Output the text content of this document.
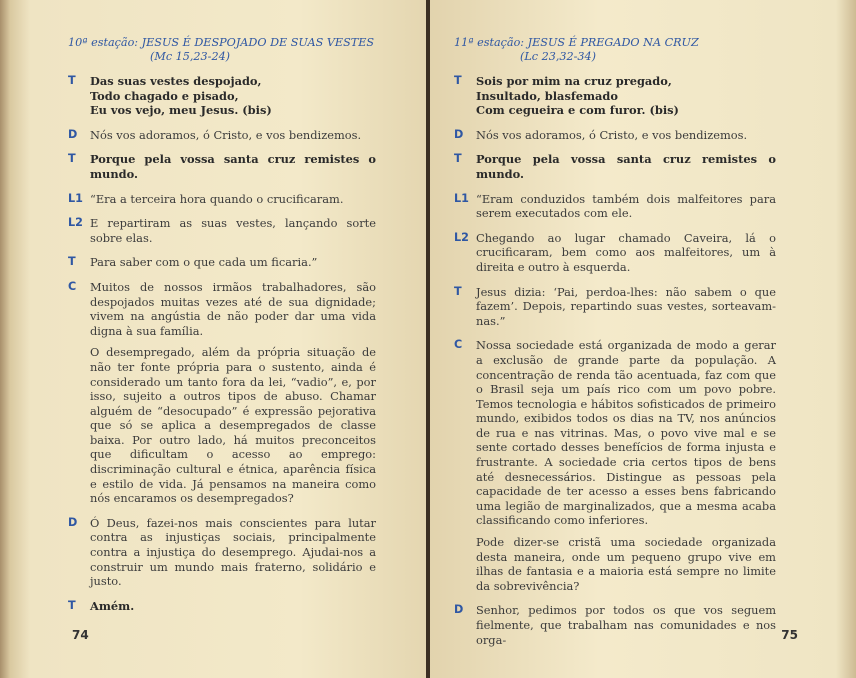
10ª estação: JESUS É DESPOJADO DE SUAS VESTES
(Mc 15,23-24)
T	Das suas vestes despojado,
Todo chagado e pisado,
Eu vos vejo, meu Jesus. (bis)

D	Nós vos adoramos, ó Cristo, e vos bendizemos.

T	Porque pela vossa santa cruz remistes o mundo.

L1 “Era a terceira hora quando o crucificaram.

L2 E repartiram as suas vestes, lançando sorte sobre elas.

T	Para saber com o que cada um ficaria.”

C	Muitos de nossos irmãos trabalhadores, são despojados muitas vezes até de sua dignidade; vivem na angústia de não poder dar uma vida digna à sua família.

O desempregado, além da própria situação de não ter fonte própria para o sustento, ainda é considerado um tanto fora da lei, “vadio”, e, por isso, sujeito a outros tipos de abuso. Chamar alguém de “desocupado” é expressão pejorativa que só se aplica a desempregados de classe baixa. Por outro lado, há muitos preconceitos que dificultam o acesso ao emprego: discriminação cultural e étnica, aparência física e estilo de vida. Já pensamos na maneira como nós encaramos os desempregados?

D	Ó Deus, fazei-nos mais conscientes para lutar contra as injustiças sociais, principalmente contra a injustiça do desemprego. Ajudai-nos a construir um mundo mais fraterno, solidário e justo.

T	Amém.

74
11ª estação: JESUS É PREGADO NA CRUZ
(Lc 23,32-34)
T	Sois por mim na cruz pregado,
Insultado, blasfemado
Com cegueira e com furor. (bis)

D	Nós vos adoramos, ó Cristo, e vos bendizemos.

T	Porque pela vossa santa cruz remistes o mundo.

L1 “Eram conduzidos também dois malfeitores para serem executados com ele.

L2 Chegando ao lugar chamado Caveira, lá o crucificaram, bem como aos malfeitores, um à direita e outro à esquerda.

T	Jesus dizia: ‘Pai, perdoa-lhes: não sabem o que fazem’. Depois, repartindo suas vestes, sorteavam-nas.”

C	Nossa sociedade está organizada de modo a gerar a exclusão de grande parte da população. A concentração de renda tão acentuada, faz com que o Brasil seja um país rico com um povo pobre. Temos tecnologia e hábitos sofisticados de primeiro mundo, exibidos todos os dias na TV, nos anúncios de rua e nas vitrinas. Mas, o povo vive mal e se sente cortado desses benefícios de forma injusta e frustrante. A sociedade cria certos tipos de bens até desnecessários. Distingue as pessoas pela capacidade de ter acesso a esses bens fabricando uma legião de marginalizados, que a mesma acaba classificando como inferiores.

Pode dizer-se cristã uma sociedade organizada desta maneira, onde um pequeno grupo vive em ilhas de fantasia e a maioria está sempre no limite da sobrevivência?

D	Senhor, pedimos por todos os que vos seguem fielmente, que trabalham nas comunidades e nos orga-	75
